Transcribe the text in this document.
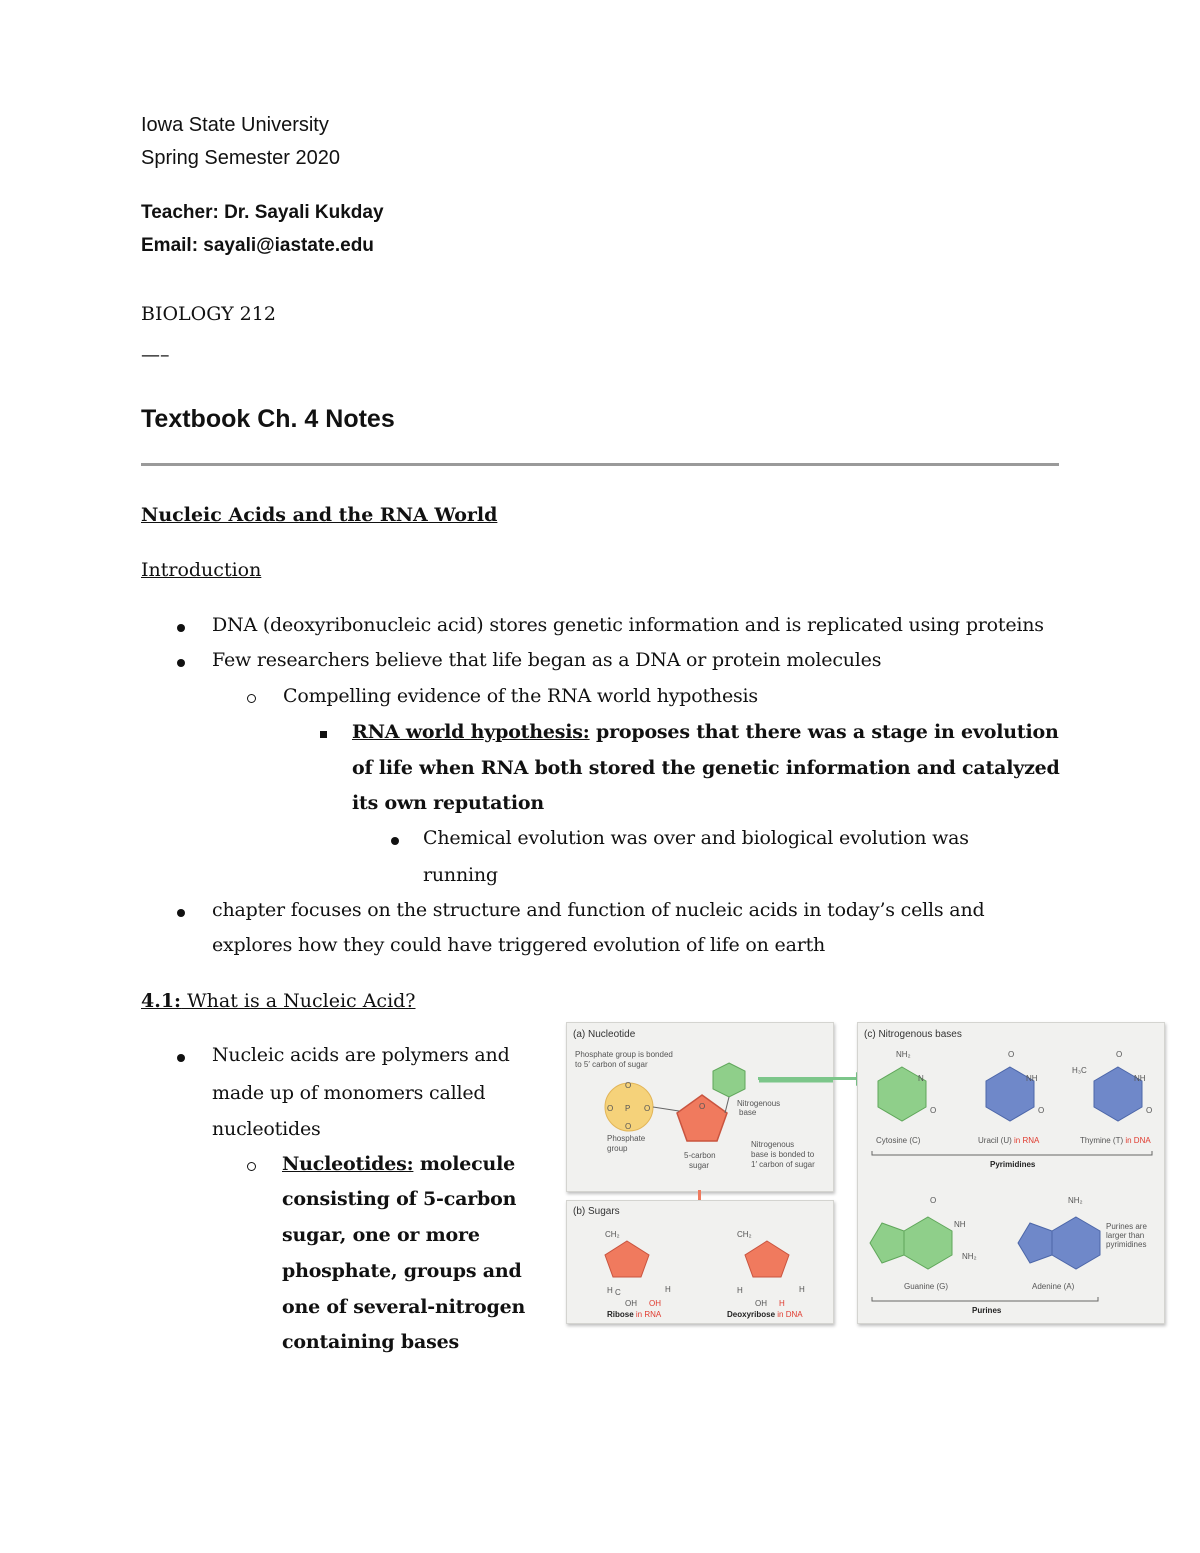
Iowa State University
Spring Semester 2020
Teacher: Dr. Sayali Kukday
Email: sayali@iastate.edu
BIOLOGY 212
—–
Textbook Ch. 4 Notes
Nucleic Acids and the RNA World
Introduction
DNA (deoxyribonucleic acid) stores genetic information and is replicated using proteins
Few researchers believe that life began as a DNA or protein molecules
Compelling evidence of the RNA world hypothesis
RNA world hypothesis: proposes that there was a stage in evolution
of life when RNA both stored the genetic information and catalyzed
its own reputation
Chemical evolution was over and biological evolution was
running
chapter focuses on the structure and function of nucleic acids in today’s cells and
explores how they could have triggered evolution of life on earth
4.1: What is a Nucleic Acid?
Nucleic acids are polymers and
made up of monomers called
nucleotides
Nucleotides: molecule
consisting of 5-carbon
sugar, one or more
phosphate, groups and
one of several-nitrogen
containing bases
(a) Nucleotide
Phosphate group is bonded
to 5′ carbon of sugar
O
P
O	O
O
Phosphate
group
O
5-carbon
sugar
Nitrogenous
base
Nitrogenous
base is bonded to
1′ carbon of sugar
(b) Sugars
CH₂
H C	H
OH OH
Ribose in RNA
CH₂
H	H
OH H
Deoxyribose in DNA
(c) Nitrogenous bases
NH₂
N
O
Cytosine (C)
O
NH
O
Uracil (U) in RNA
H₃C
O
NH
O
Thymine (T) in DNA
Pyrimidines
O
NH
NH₂
Guanine (G)
NH₂
Adenine (A)
Purines are
larger than
pyrimidines
Purines
